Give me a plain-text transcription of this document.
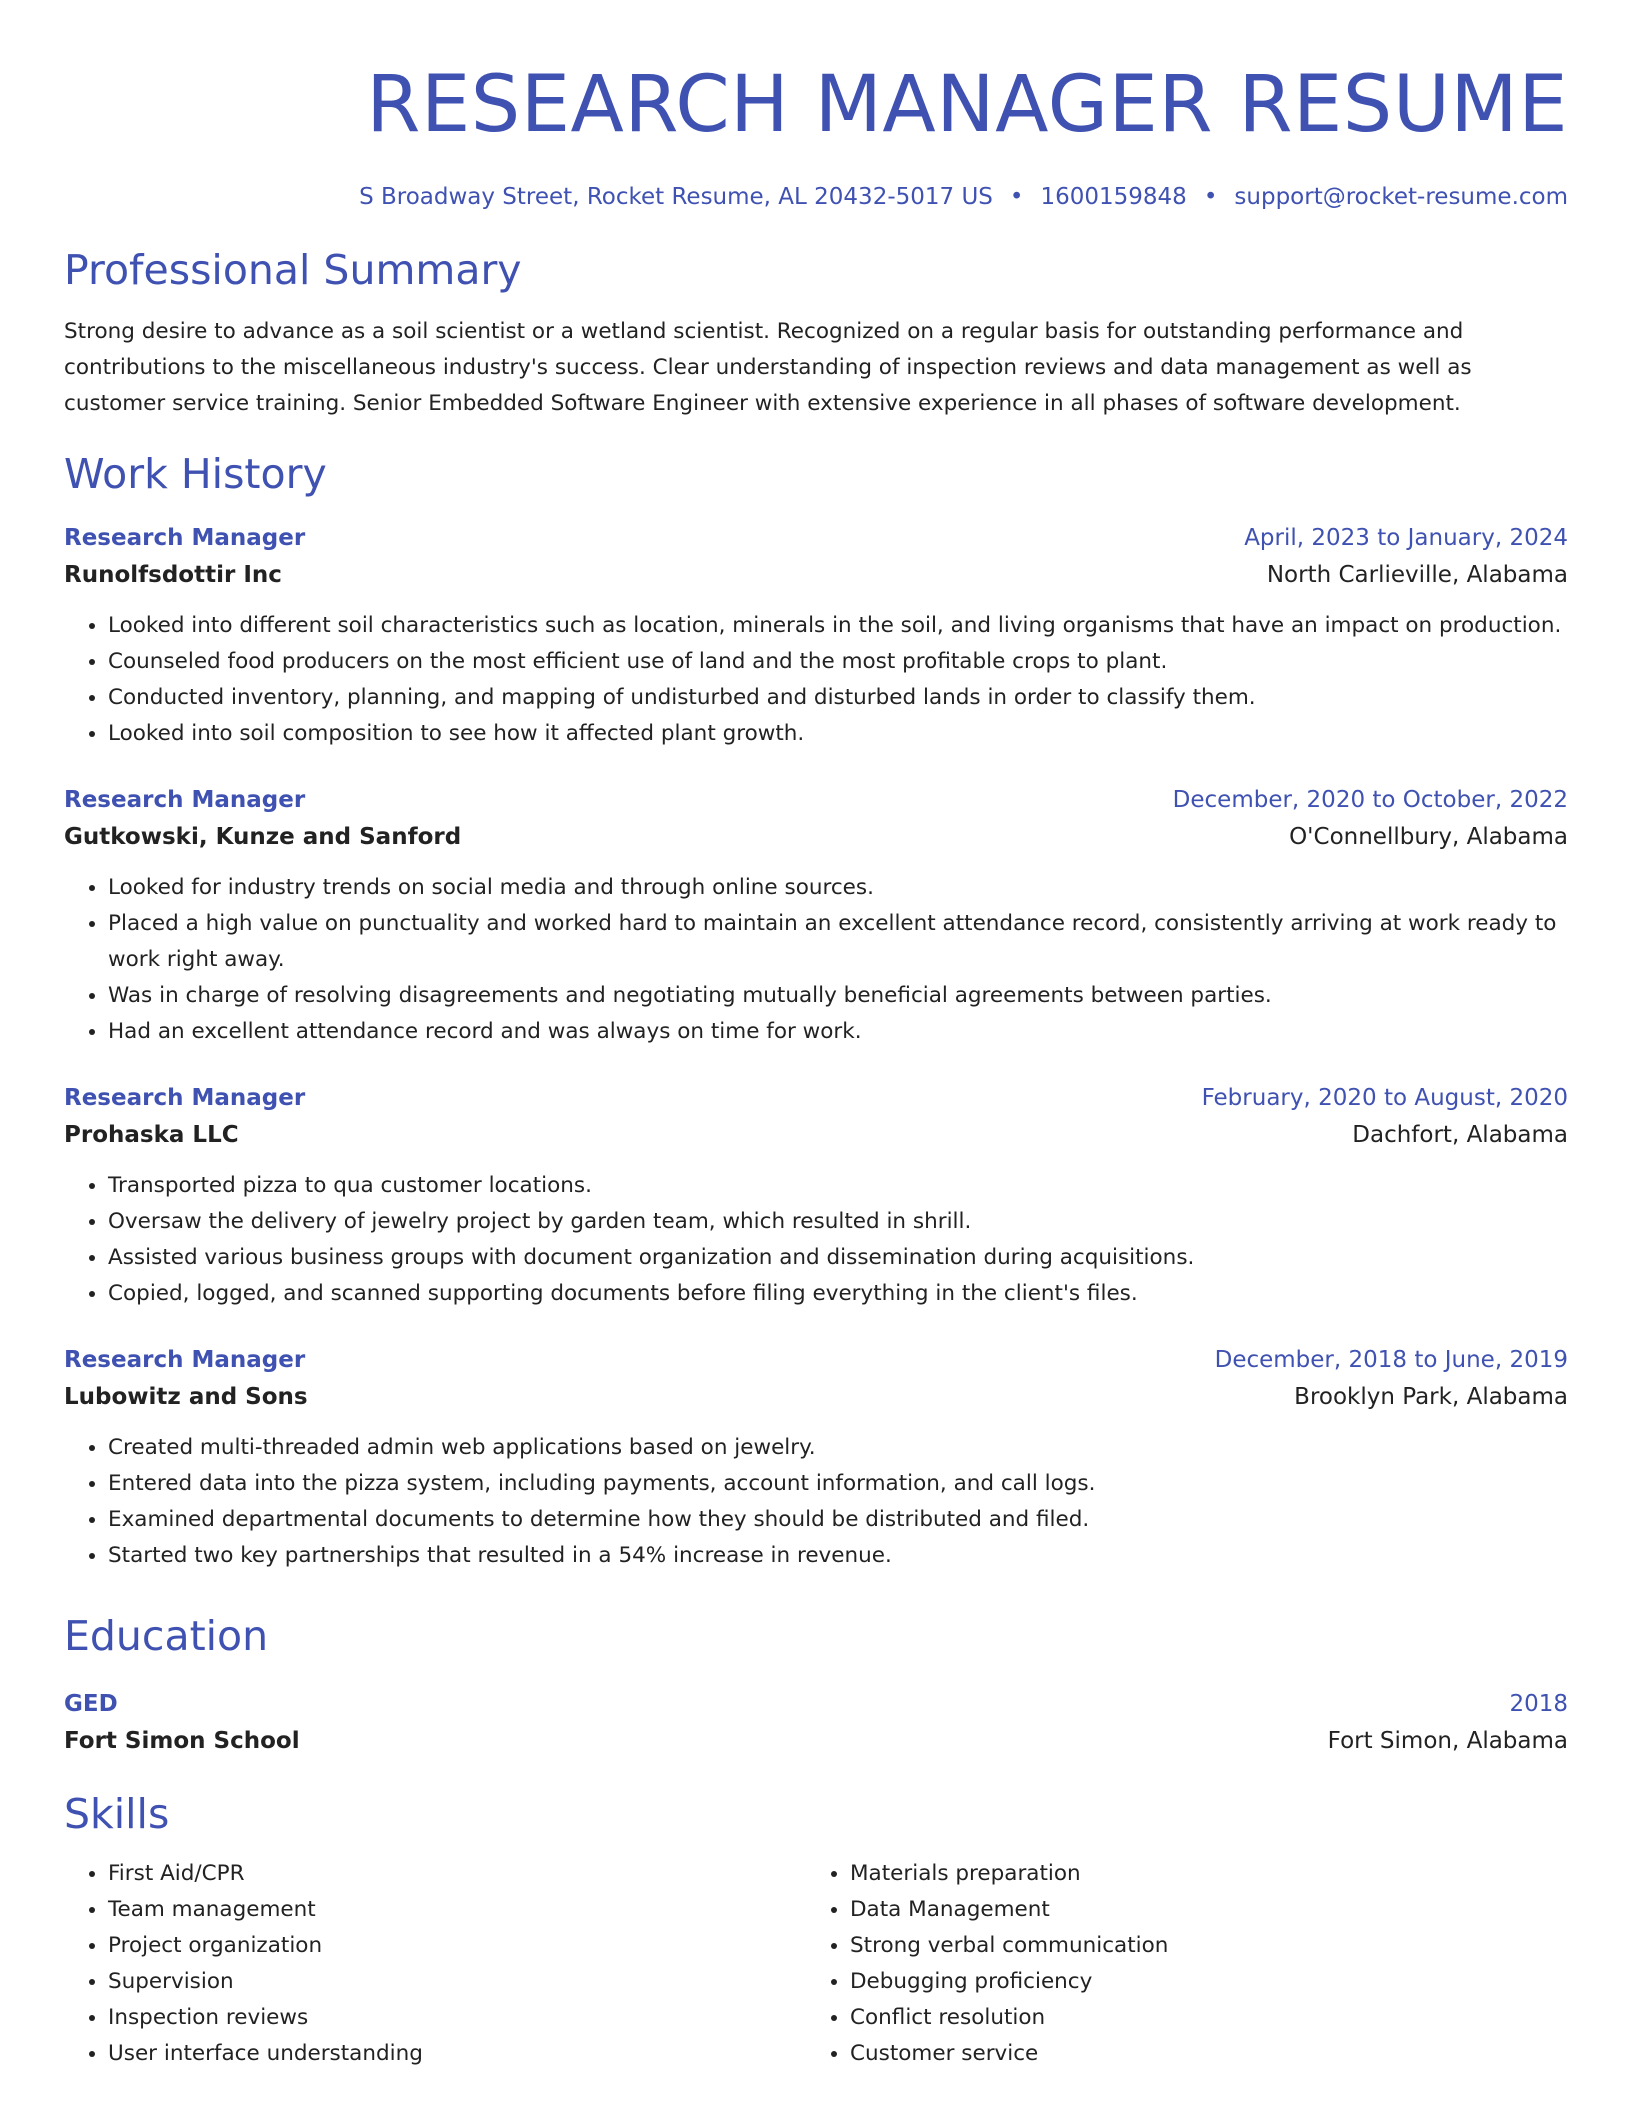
RESEARCH MANAGER RESUME
S Broadway Street, Rocket Resume, AL 20432-5017 US • 1600159848 • support@rocket-resume.com
Professional Summary
Strong desire to advance as a soil scientist or a wetland scientist. Recognized on a regular basis for outstanding performance and contributions to the miscellaneous industry's success. Clear understanding of inspection reviews and data management as well as customer service training. Senior Embedded Software Engineer with extensive experience in all phases of software development.
Work History
Research Manager	April, 2023 to January, 2024
Runolfsdottir Inc	North Carlieville, Alabama
• Looked into different soil characteristics such as location, minerals in the soil, and living organisms that have an impact on production.
• Counseled food producers on the most efficient use of land and the most profitable crops to plant.
• Conducted inventory, planning, and mapping of undisturbed and disturbed lands in order to classify them.
• Looked into soil composition to see how it affected plant growth.
Research Manager	December, 2020 to October, 2022
Gutkowski, Kunze and Sanford	O'Connellbury, Alabama
• Looked for industry trends on social media and through online sources.
• Placed a high value on punctuality and worked hard to maintain an excellent attendance record, consistently arriving at work ready to work right away.
• Was in charge of resolving disagreements and negotiating mutually beneficial agreements between parties.
• Had an excellent attendance record and was always on time for work.
Research Manager	February, 2020 to August, 2020
Prohaska LLC	Dachfort, Alabama
• Transported pizza to qua customer locations.
• Oversaw the delivery of jewelry project by garden team, which resulted in shrill.
• Assisted various business groups with document organization and dissemination during acquisitions.
• Copied, logged, and scanned supporting documents before filing everything in the client's files.
Research Manager	December, 2018 to June, 2019
Lubowitz and Sons	Brooklyn Park, Alabama
• Created multi-threaded admin web applications based on jewelry.
• Entered data into the pizza system, including payments, account information, and call logs.
• Examined departmental documents to determine how they should be distributed and filed.
• Started two key partnerships that resulted in a 54% increase in revenue.
Education
GED	2018
Fort Simon School	Fort Simon, Alabama
Skills
• First Aid/CPR
• Team management
• Project organization
• Supervision
• Inspection reviews
• User interface understanding
• Materials preparation
• Data Management
• Strong verbal communication
• Debugging proficiency
• Conflict resolution
• Customer service
